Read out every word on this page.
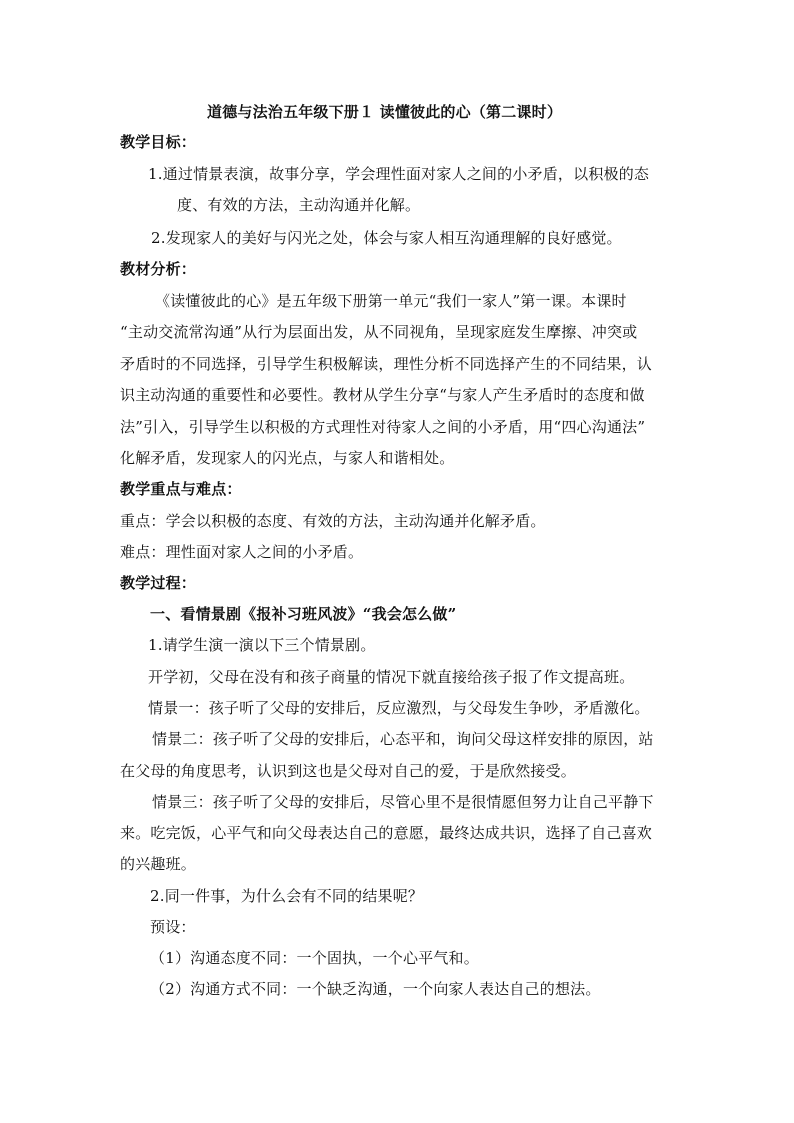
道德与法治五年级下册１ 读懂彼此的心（第二课时）
教学目标：
1.通过情景表演，故事分享，学会理性面对家人之间的小矛盾，以积极的态
度、有效的方法，主动沟通并化解。
2.发现家人的美好与闪光之处，体会与家人相互沟通理解的良好感觉。
教材分析：
《读懂彼此的心》是五年级下册第一单元“我们一家人”第一课。本课时
“主动交流常沟通”从行为层面出发，从不同视角，呈现家庭发生摩擦、冲突或
矛盾时的不同选择，引导学生积极解读，理性分析不同选择产生的不同结果，认
识主动沟通的重要性和必要性。教材从学生分享“与家人产生矛盾时的态度和做
法”引入，引导学生以积极的方式理性对待家人之间的小矛盾，用“四心沟通法”
化解矛盾，发现家人的闪光点，与家人和谐相处。
教学重点与难点：
重点：学会以积极的态度、有效的方法，主动沟通并化解矛盾。
难点：理性面对家人之间的小矛盾。
教学过程：
一、看情景剧《报补习班风波》“我会怎么做”
1.请学生演一演以下三个情景剧。
开学初，父母在没有和孩子商量的情况下就直接给孩子报了作文提高班。
情景一：孩子听了父母的安排后，反应激烈，与父母发生争吵，矛盾激化。
情景二：孩子听了父母的安排后，心态平和，询问父母这样安排的原因，站
在父母的角度思考，认识到这也是父母对自己的爱，于是欣然接受。
情景三：孩子听了父母的安排后，尽管心里不是很情愿但努力让自己平静下
来。吃完饭，心平气和向父母表达自己的意愿，最终达成共识，选择了自己喜欢
的兴趣班。
2.同一件事，为什么会有不同的结果呢？
预设：
（1）沟通态度不同：一个固执，一个心平气和。
（2）沟通方式不同：一个缺乏沟通，一个向家人表达自己的想法。
